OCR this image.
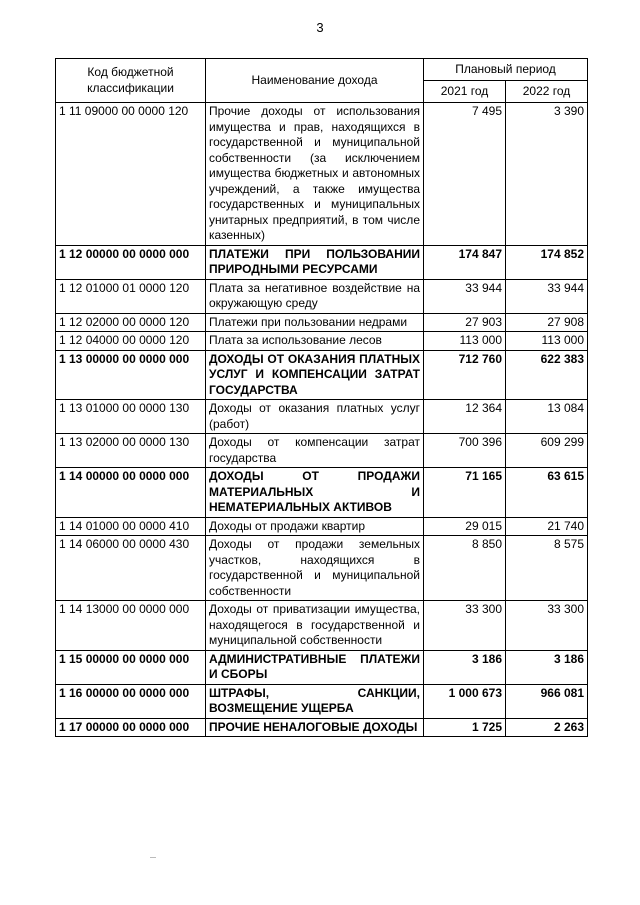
3
Код бюджетной классификации	Наименование дохода	Плановый период	
		2021 год	2022 год
1 11 09000 00 0000 120	Прочие доходы от использования имущества и прав, находящихся в государственной и муниципальной собственности (за исключением имущества бюджетных и автономных учреждений, а также имущества государственных и муниципальных унитарных предприятий, в том числе казенных)	7 495	3 390
1 12 00000 00 0000 000	ПЛАТЕЖИ ПРИ ПОЛЬЗОВАНИИ ПРИРОДНЫМИ РЕСУРСАМИ	174 847	174 852
1 12 01000 01 0000 120	Плата за негативное воздействие на окружающую среду	33 944	33 944
1 12 02000 00 0000 120	Платежи при пользовании недрами	27 903	27 908
1 12 04000 00 0000 120	Плата за использование лесов	113 000	113 000
1 13 00000 00 0000 000	ДОХОДЫ ОТ ОКАЗАНИЯ ПЛАТНЫХ УСЛУГ И КОМПЕНСАЦИИ ЗАТРАТ ГОСУДАРСТВА	712 760	622 383
1 13 01000 00 0000 130	Доходы от оказания платных услуг (работ)	12 364	13 084
1 13 02000 00 0000 130	Доходы от компенсации затрат государства	700 396	609 299
1 14 00000 00 0000 000	ДОХОДЫ ОТ ПРОДАЖИ МАТЕРИАЛЬНЫХ И НЕМАТЕРИАЛЬНЫХ АКТИВОВ	71 165	63 615
1 14 01000 00 0000 410	Доходы от продажи квартир	29 015	21 740
1 14 06000 00 0000 430	Доходы от продажи земельных участков, находящихся в государственной и муниципальной собственности	8 850	8 575
1 14 13000 00 0000 000	Доходы от приватизации имущества, находящегося в государственной и муниципальной собственности	33 300	33 300
1 15 00000 00 0000 000	АДМИНИСТРАТИВНЫЕ ПЛАТЕЖИ И СБОРЫ	3 186	3 186
1 16 00000 00 0000 000	ШТРАФЫ, САНКЦИИ, ВОЗМЕЩЕНИЕ УЩЕРБА	1 000 673	966 081
1 17 00000 00 0000 000	ПРОЧИЕ НЕНАЛОГОВЫЕ ДОХОДЫ	1 725	2 263
